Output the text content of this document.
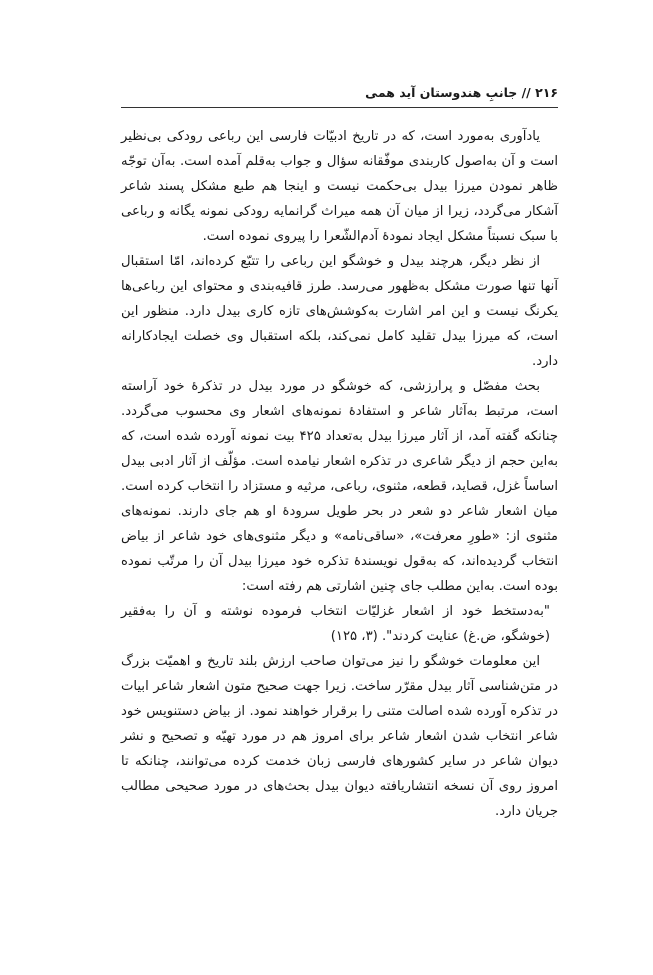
۲۱۶ // جانبِ هندوستان آید همی

یادآوری به‌مورد است، که در تاریخ ادبیّات فارسی این رباعی رودکی بی‌نظیر است و آن به‌اصول کاربندی موفّقانه سؤال و جواب به‌قلم آمده است. به‌آن توجّه ظاهر نمودن میرزا بیدل بی‌حکمت نیست و اینجا هم طبع مشکل پسند شاعر آشکار می‌گردد، زیرا از میان آن همه میراث گرانمایه رودکی نمونه یگانه و رباعی با سبک نسبتاً مشکل ایجاد نمودهٔ آدم‌الشّعرا را پیروی نموده است.

از نظر دیگر، هرچند بیدل و خوشگو این رباعی را تتبّع کرده‌اند، امّا استقبال آنها تنها صورت مشکل به‌ظهور می‌رسد. طرز قافیه‌بندی و محتوای این رباعی‌ها یکرنگ نیست و این امر اشارت به‌کوشش‌های تازه کاری بیدل دارد. منظور این است، که میرزا بیدل تقلید کامل نمی‌کند، بلکه استقبال وی خصلت ایجادکارانه دارد.

بحث مفصّل و پرارزشی، که خوشگو در مورد بیدل در تذکرهٔ خود آراسته است، مرتبط به‌آثار شاعر و استفادهٔ نمونه‌های اشعار وی محسوب می‌گردد. چنانکه گفته آمد، از آثار میرزا بیدل به‌تعداد ۴۲۵ بیت نمونه آورده شده است، که به‌این حجم از دیگر شاعری در تذکره اشعار نیامده است. مؤلّف از آثار ادبی بیدل اساساً غزل، قصاید، قطعه، مثنوی، رباعی، مرثیه و مستزاد را انتخاب کرده است. میان اشعار شاعر دو شعر در بحر طویل سرودهٔ او هم جای دارند. نمونه‌های مثنوی از: «طورِ معرفت»، «ساقی‌نامه» و دیگر مثنوی‌های خود شاعر از بیاض انتخاب گردیده‌اند، که به‌قول نویسندهٔ تذکره خود میرزا بیدل آن را مرتّب نموده بوده است. به‌این مطلب جای چنین اشارتی هم رفته است:

"به‌دستخط خود از اشعار غزلیّات انتخاب فرموده نوشته و آن را به‌فقیر (خوشگو، ض.غ) عنایت کردند". (۳، ۱۲۵)

این معلومات خوشگو را نیز می‌توان صاحب ارزش بلند تاریخ و اهمیّت بزرگ در متن‌شناسی آثار بیدل مقرّر ساخت. زیرا جهت صحیح متون اشعار شاعر ابیات در تذکره آورده شده اصالت متنی را برقرار خواهند نمود. از بیاض دستنویس خود شاعر انتخاب شدن اشعار شاعر برای امروز هم در مورد تهیّه و تصحیح و نشر دیوان شاعر در سایر کشورهای فارسی زبان خدمت کرده می‌توانند، چنانکه تا امروز روی آن نسخه انتشاریافته دیوان بیدل بحث‌های در مورد صحیحی مطالب جریان دارد.
